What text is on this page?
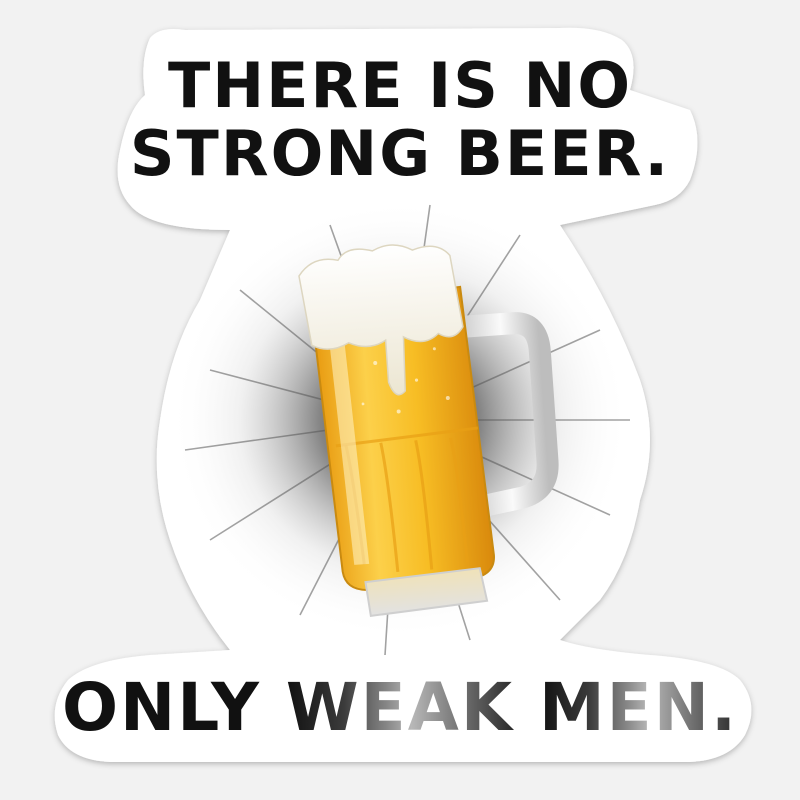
THERE IS NO
STRONG BEER.
ONLY WEAK MEN.
